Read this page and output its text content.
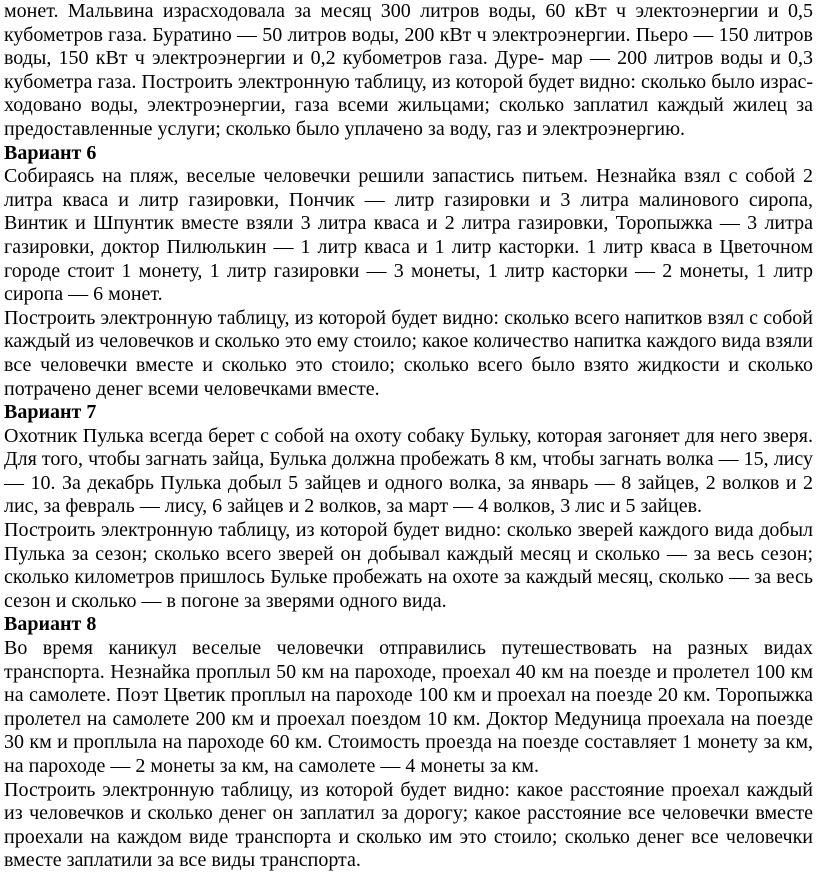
монет. Мальвина израсходовала за месяц 300 литров воды, 60 кВт ч электоэнергии и 0,5 кубометров газа. Буратино — 50 литров воды, 200 кВт ч электроэнергии. Пьеро — 150 литров воды, 150 кВт ч электроэнергии и 0,2 кубометров газа. Дуре- мар — 200 литров воды и 0,3 кубометра газа. Построить электронную таблицу, из которой будет видно: сколько было израс- ходовано воды, электроэнергии, газа всеми жильцами; сколько заплатил каждый жилец за предоставленные услуги; сколько было уплачено за воду, газ и электроэнергию.

Вариант 6

Собираясь на пляж, веселые человечки решили запастись питьем. Незнайка взял с собой 2 литра кваса и литр газировки, Пончик — литр газировки и 3 литра малинового сиропа, Винтик и Шпунтик вместе взяли 3 литра кваса и 2 литра газировки, Торопыжка — 3 литра газировки, доктор Пилюлькин — 1 литр кваса и 1 литр касторки. 1 литр кваса в Цветочном городе стоит 1 монету, 1 литр газировки — 3 монеты, 1 литр касторки — 2 монеты, 1 литр сиропа — 6 монет.

Построить электронную таблицу, из которой будет видно: сколько всего напитков взял с собой каждый из человечков и сколько это ему стоило; какое количество напитка каждого вида взяли все человечки вместе и сколько это стоило; сколько всего было взято жидкости и сколько потрачено денег всеми человечками вместе.

Вариант 7

Охотник Пулька всегда берет с собой на охоту собаку Бульку, которая загоняет для него зверя. Для того, чтобы загнать зайца, Булька должна пробежать 8 км, чтобы загнать волка — 15, лису — 10. За декабрь Пулька добыл 5 зайцев и одного волка, за январь — 8 зайцев, 2 волков и 2 лис, за февраль — лису, 6 зайцев и 2 волков, за март — 4 волков, 3 лис и 5 зайцев.

Построить электронную таблицу, из которой будет видно: сколько зверей каждого вида добыл Пулька за сезон; сколько всего зверей он добывал каждый месяц и сколько — за весь сезон; сколько километров пришлось Бульке пробежать на охоте за каждый месяц, сколько — за весь сезон и сколько — в погоне за зверями одного вида.

Вариант 8

Во время каникул веселые человечки отправились путешествовать на разных видах транспорта. Незнайка проплыл 50 км на пароходе, проехал 40 км на поезде и пролетел 100 км на самолете. Поэт Цветик проплыл на пароходе 100 км и проехал на поезде 20 км. Торопыжка пролетел на самолете 200 км и проехал поездом 10 км. Доктор Медуница проехала на поезде 30 км и проплыла на пароходе 60 км. Стоимость проезда на поезде составляет 1 монету за км, на пароходе — 2 монеты за км, на самолете — 4 монеты за км.

Построить электронную таблицу, из которой будет видно: какое расстояние проехал каждый из человечков и сколько денег он заплатил за дорогу; какое расстояние все человечки вместе проехали на каждом виде транспорта и сколько им это стоило; сколько денег все человечки вместе заплатили за все виды транспорта.
